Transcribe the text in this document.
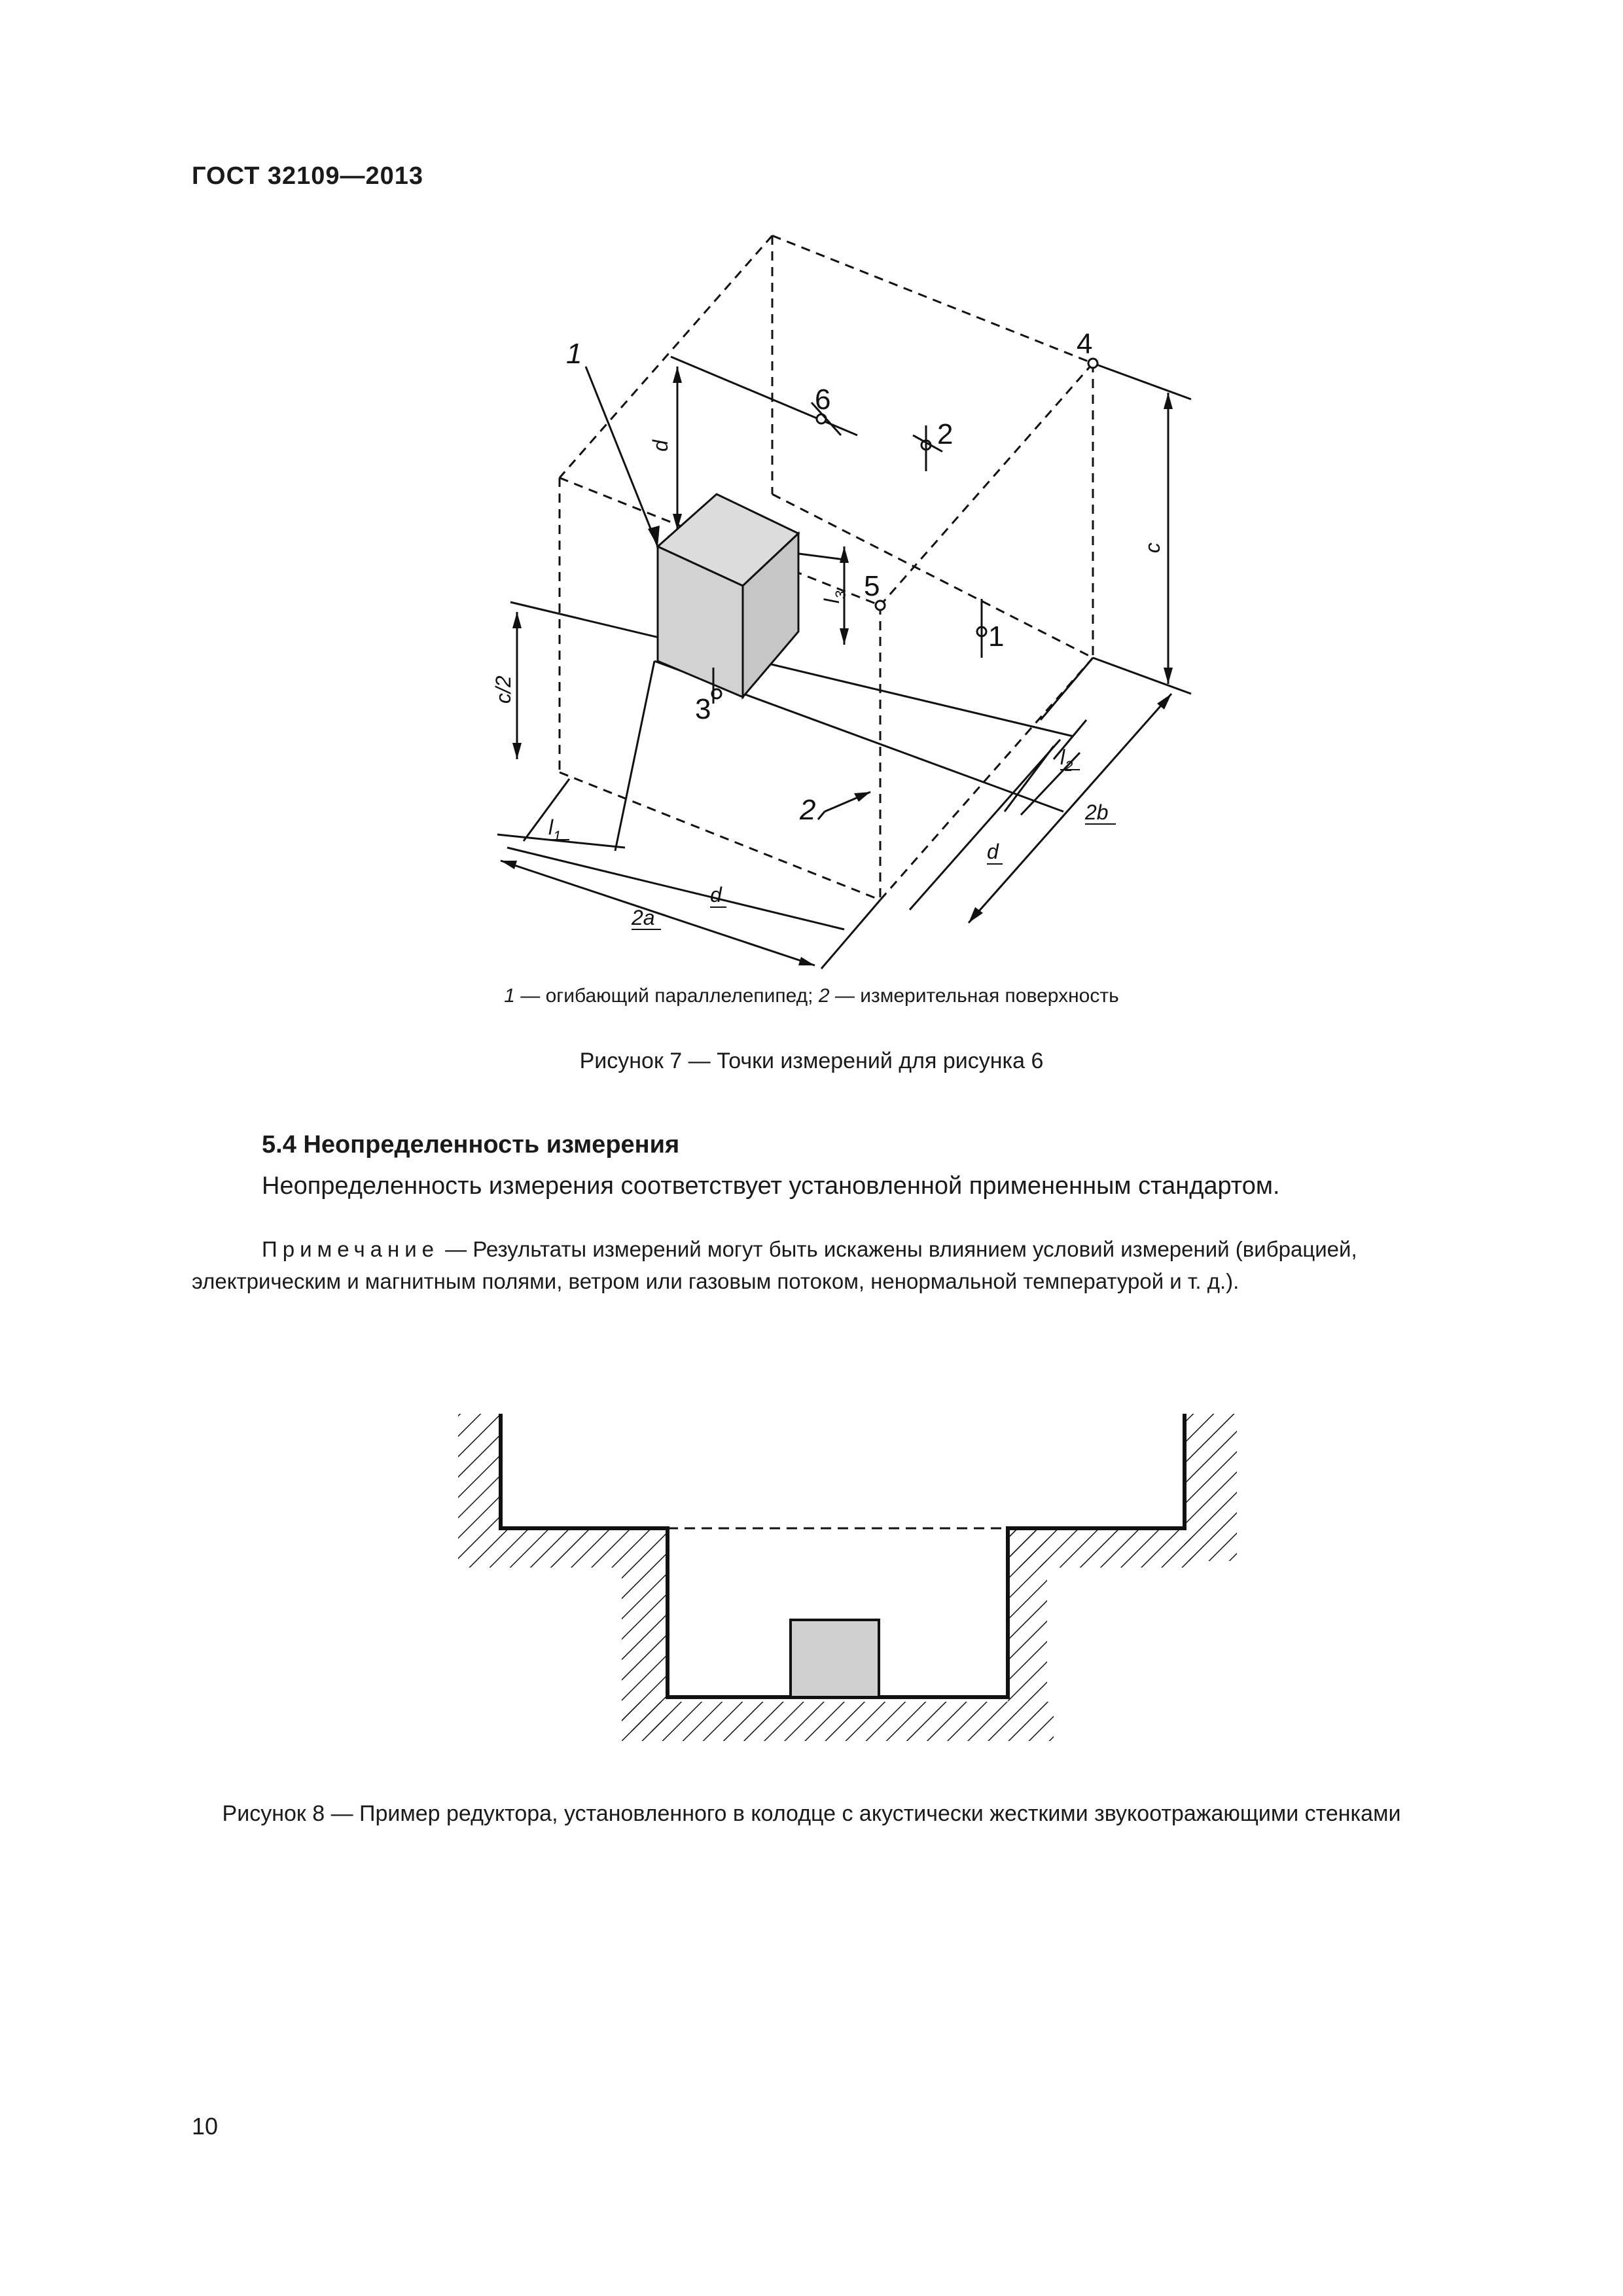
ГОСТ 32109—2013
1	4
6
2
5
1
3
2
d
c
c/2
$l_3$
$l_1$
$l_2$
d
d
2a
2b
1 — огибающий параллелепипед; 2 — измерительная поверхность
Рисунок 7 — Точки измерений для рисунка 6
5.4 Неопределенность измерения
Неопределенность измерения соответствует установленной примененным стандартом.
Примечание — Результаты измерений могут быть искажены влиянием условий измерений (вибрацией, электрическим и магнитным полями, ветром или газовым потоком, ненормальной температурой и т. д.).
Рисунок 8 — Пример редуктора, установленного в колодце с акустически жесткими звукоотражающими стенками
10
